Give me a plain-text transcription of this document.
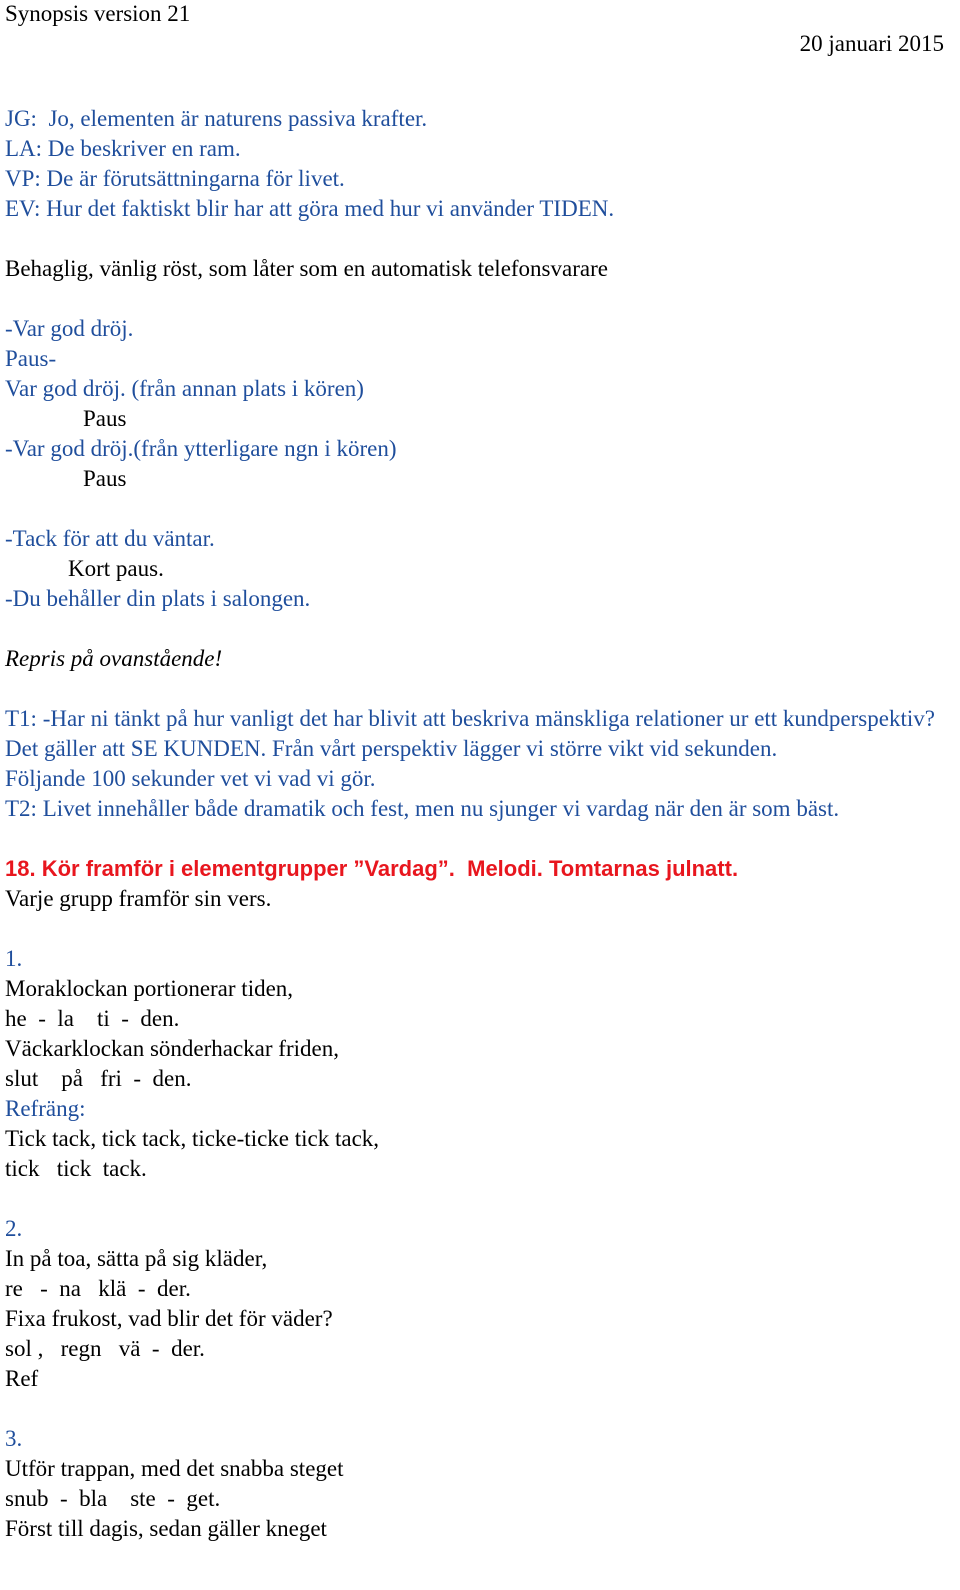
Synopsis version 21
20 januari 2015
JG:  Jo, elementen är naturens passiva krafter.
LA: De beskriver en ram.
VP: De är förutsättningarna för livet.
EV: Hur det faktiskt blir har att göra med hur vi använder TIDEN.
Behaglig, vänlig röst, som låter som en automatisk telefonsvarare
-Var god dröj.
Paus-
Var god dröj. (från annan plats i kören)
Paus
-Var god dröj.(från ytterligare ngn i kören)
Paus
-Tack för att du väntar.
Kort paus.
-Du behåller din plats i salongen.
Repris på ovanstående!
T1: -Har ni tänkt på hur vanligt det har blivit att beskriva mänskliga relationer ur ett kundperspektiv? Det gäller att SE KUNDEN. Från vårt perspektiv lägger vi större vikt vid sekunden.
Följande 100 sekunder vet vi vad vi gör.
T2: Livet innehåller både dramatik och fest, men nu sjunger vi vardag när den är som bäst.
18. Kör framför i elementgrupper ”Vardag”.  Melodi. Tomtarnas julnatt.
Varje grupp framför sin vers.
1.
Moraklockan portionerar tiden,
he  -  la    ti  -  den.
Väckarklockan sönderhackar friden,
slut    på   fri  -  den.
Refräng:
Tick tack, tick tack, ticke-ticke tick tack,
tick   tick  tack.
2.
In på toa, sätta på sig kläder,
re   -  na   klä  -  der.
Fixa frukost, vad blir det för väder?
sol ,   regn   vä  -  der.
Ref
3.
Utför trappan, med det snabba steget
snub  -  bla    ste  -  get.
Först till dagis, sedan gäller kneget
